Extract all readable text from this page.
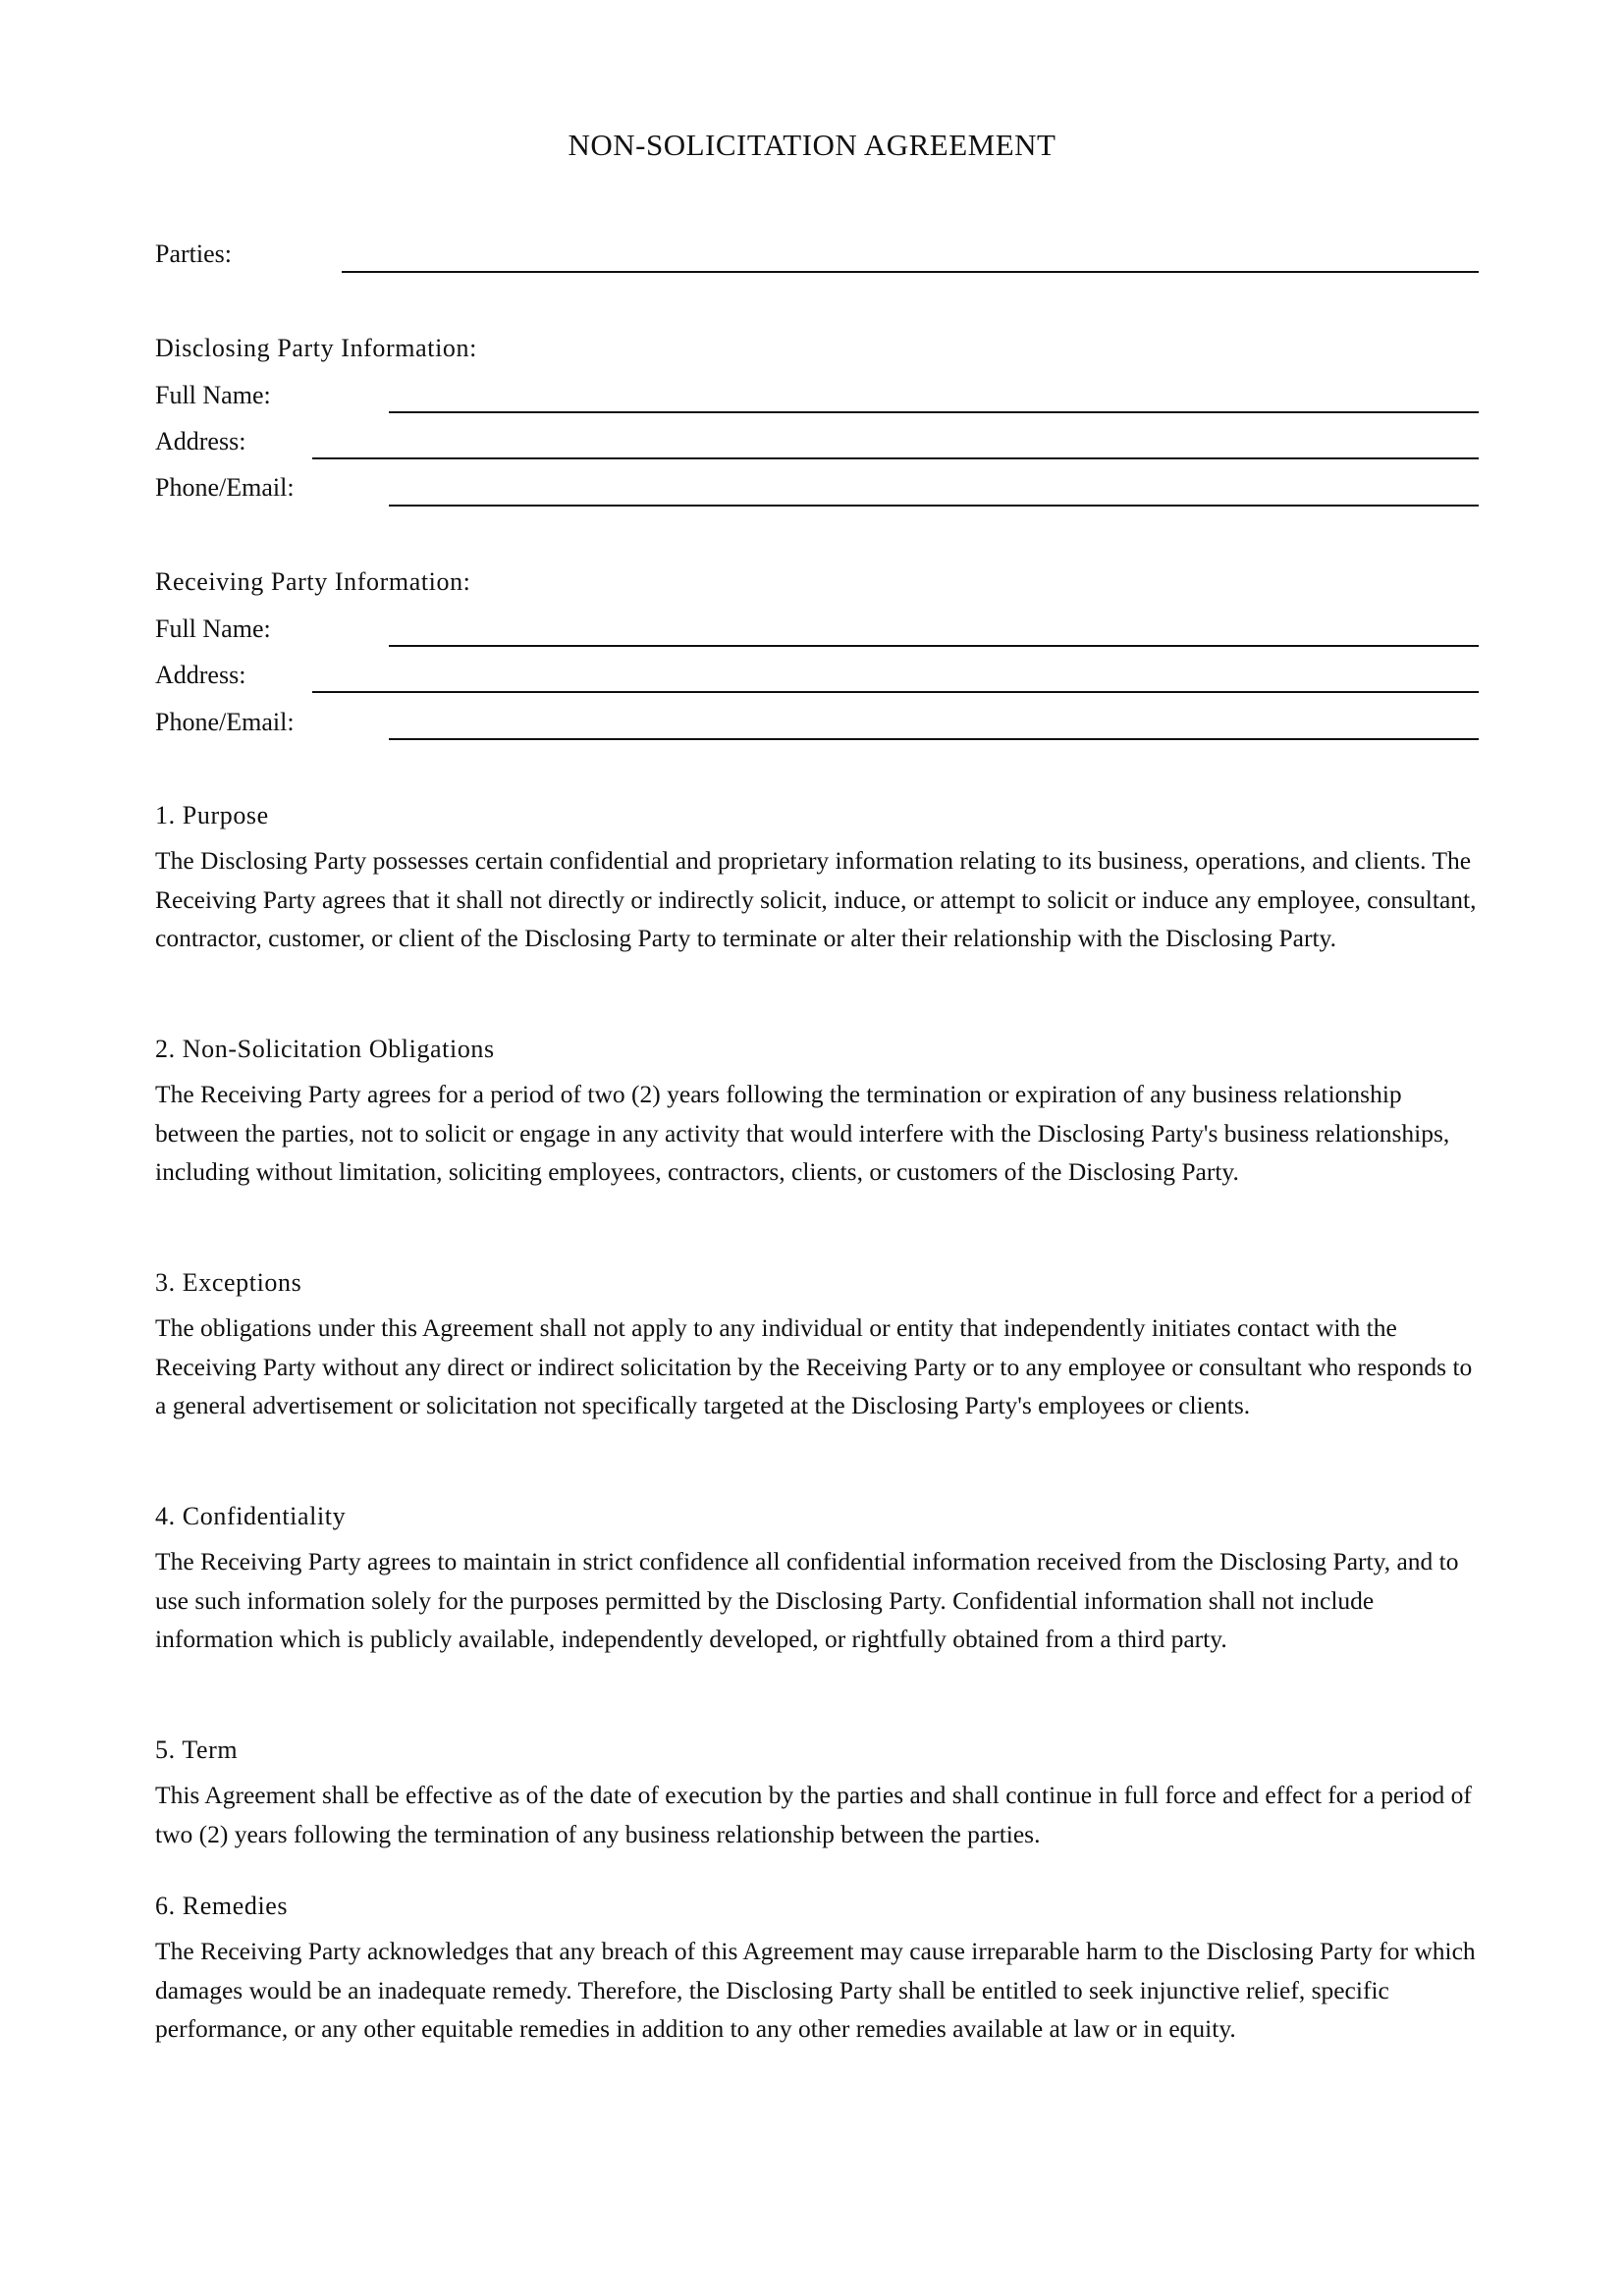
NON-SOLICITATION AGREEMENT
Parties:
Disclosing Party Information:
Full Name:
Address:
Phone/Email:
Receiving Party Information:
Full Name:
Address:
Phone/Email:
1. Purpose

The Disclosing Party possesses certain confidential and proprietary information relating to its business, operations, and clients. The Receiving Party agrees that it shall not directly or indirectly solicit, induce, or attempt to solicit or induce any employee, consultant, contractor, customer, or client of the Disclosing Party to terminate or alter their relationship with the Disclosing Party.

2. Non-Solicitation Obligations

The Receiving Party agrees for a period of two (2) years following the termination or expiration of any business relationship between the parties, not to solicit or engage in any activity that would interfere with the Disclosing Party's business relationships, including without limitation, soliciting employees, contractors, clients, or customers of the Disclosing Party.

3. Exceptions

The obligations under this Agreement shall not apply to any individual or entity that independently initiates contact with the Receiving Party without any direct or indirect solicitation by the Receiving Party or to any employee or consultant who responds to a general advertisement or solicitation not specifically targeted at the Disclosing Party's employees or clients.

4. Confidentiality

The Receiving Party agrees to maintain in strict confidence all confidential information received from the Disclosing Party, and to use such information solely for the purposes permitted by the Disclosing Party. Confidential information shall not include information which is publicly available, independently developed, or rightfully obtained from a third party.

5. Term

This Agreement shall be effective as of the date of execution by the parties and shall continue in full force and effect for a period of two (2) years following the termination of any business relationship between the parties.

6. Remedies

The Receiving Party acknowledges that any breach of this Agreement may cause irreparable harm to the Disclosing Party for which damages would be an inadequate remedy. Therefore, the Disclosing Party shall be entitled to seek injunctive relief, specific performance, or any other equitable remedies in addition to any other remedies available at law or in equity.
